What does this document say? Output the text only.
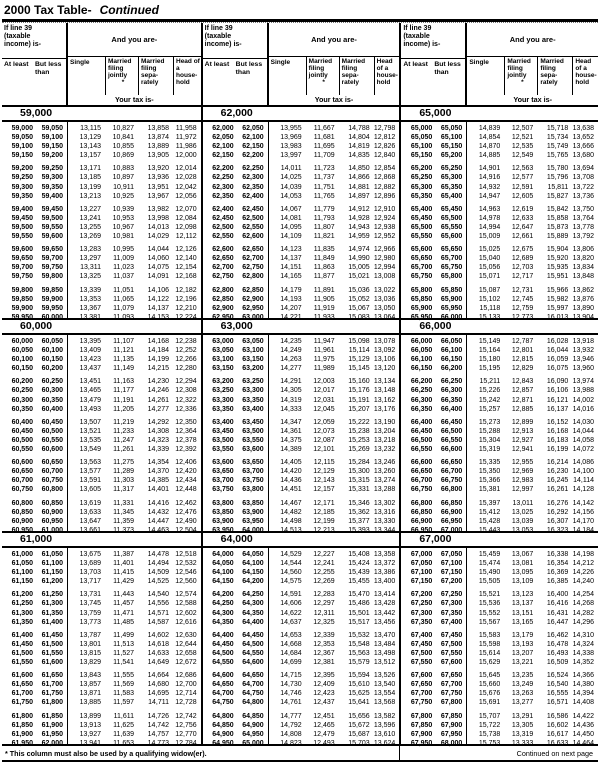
2000 Tax Table- Continued
If line 39 (taxable income) is-
At least But less than
And you are-
Single	Married filing jointly
*
Married filing sepa- rately
Head of a house- hold
Your tax is-
59,000
59,000	59,050	13,115	10,827	13,858 11,958
59,050	59,100	13,129	10,841	13,874 11,972
59,100	59,150	13,143	10,855	13,889 11,986
59,150	59,200	13,157	10,869	13,905 12,000
59,200	59,250	13,171	10,883	13,920 12,014
59,250	59,300	13,185	10,897	13,936 12,028
59,300	59,350	13,199	10,911	13,951 12,042
59,350	59,400	13,213	10,925	13,967 12,056
59,400	59,450	13,227	10,939	13,982 12,070
59,450	59,500	13,241	10,953	13,998 12,084
59,500	59,550	13,255	10,967	14,013 12,098
59,550	59,600	13,269	10,981	14,029 12,112
59,600	59,650	13,283	10,995	14,044 12,126
59,650	59,700	13,297	11,009	14,060 12,140
59,700	59,750	13,311	11,023	14,075 12,154
59,750	59,800	13,325	11,037	14,091 12,168
59,800	59,850	13,339	11,051	14,106 12,182
59,850	59,900	13,353	11,065	14,122 12,196
59,900	59,950	13,367	11,079	14,137 12,210
59,950	60,000	13,381	11,093	14,153 12,224
60,000
60,000	60,050	13,395	11,107	14,168 12,238
60,050	60,100	13,409	11,121	14,184 12,252
60,100	60,150	13,423	11,135	14,199 12,266
60,150	60,200	13,437	11,149	14,215 12,280
60,200	60,250	13,451	11,163	14,230 12,294
60,250	60,300	13,465	11,177	14,246 12,308
60,300	60,350	13,479	11,191	14,261 12,322
60,350	60,400	13,493	11,205	14,277 12,336
60,400	60,450	13,507	11,219	14,292 12,350
60,450	60,500	13,521	11,233	14,308 12,364
60,500	60,550	13,535	11,247	14,323 12,378
60,550	60,600	13,549	11,261	14,339 12,392
60,600	60,650	13,563	11,275	14,354 12,406
60,650	60,700	13,577	11,289	14,370 12,420
60,700	60,750	13,591	11,303	14,385 12,434
60,750	60,800	13,605	11,317	14,401 12,448
60,800	60,850	13,619	11,331	14,416 12,462
60,850	60,900	13,633	11,345	14,432 12,476
60,900	60,950	13,647	11,359	14,447 12,490
60,950	61,000	13,661	11,373	14,463 12,504
61,000
61,000	61,050	13,675	11,387	14,478 12,518
61,050	61,100	13,689	11,401	14,494 12,532
61,100	61,150	13,703	11,415	14,509 12,546
61,150	61,200	13,717	11,429	14,525 12,560
61,200	61,250	13,731	11,443	14,540 12,574
61,250	61,300	13,745	11,457	14,556 12,588
61,300	61,350	13,759	11,471	14,571 12,602
61,350	61,400	13,773	11,485	14,587 12,616
61,400	61,450	13,787	11,499	14,602 12,630
61,450	61,500	13,801	11,513	14,618 12,644
61,500	61,550	13,815	11,527	14,633 12,658
61,550	61,600	13,829	11,541	14,649 12,672
61,600	61,650	13,843	11,555	14,664 12,686
61,650	61,700	13,857	11,569	14,680 12,700
61,700	61,750	13,871	11,583	14,695 12,714
61,750	61,800	13,885	11,597	14,711 12,728
61,800	61,850	13,899	11,611	14,726 12,742
61,850	61,900	13,913	11,625	14,742 12,756
61,900	61,950	13,927	11,639	14,757 12,770
61,950	62,000	13,941	11,653	14,773 12,784
If line 39 (taxable income) is-
At least But less than
And you are-
Single	Married filing jointly
*
Married filing sepa- rately
Head of a house- hold
Your tax is-
62,000
62,000	62,050	13,955	11,667	14,788 12,798
62,050	62,100	13,969	11,681	14,804 12,812
62,100	62,150	13,983	11,695	14,819 12,826
62,150	62,200	13,997	11,709	14,835 12,840
62,200	62,250	14,011	11,723	14,850 12,854
62,250	62,300	14,025	11,737	14,866 12,868
62,300	62,350	14,039	11,751	14,881 12,882
62,350	62,400	14,053	11,765	14,897 12,896
62,400	62,450	14,067	11,779	14,912 12,910
62,450	62,500	14,081	11,793	14,928 12,924
62,500	62,550	14,095	11,807	14,943 12,938
62,550	62,600	14,109	11,821	14,959 12,952
62,600	62,650	14,123	11,835	14,974 12,966
62,650	62,700	14,137	11,849	14,990 12,980
62,700	62,750	14,151	11,863	15,005 12,994
62,750	62,800	14,165	11,877	15,021 13,008
62,800	62,850	14,179	11,891	15,036 13,022
62,850	62,900	14,193	11,905	15,052 13,036
62,900	62,950	14,207	11,919	15,067 13,050
62,950	63,000	14,221	11,933	15,083 13,064
63,000
63,000	63,050	14,235	11,947	15,098 13,078
63,050	63,100	14,249	11,961	15,114 13,092
63,100	63,150	14,263	11,975	15,129 13,106
63,150	63,200	14,277	11,989	15,145 13,120
63,200	63,250	14,291	12,003	15,160 13,134
63,250	63,300	14,305	12,017	15,176 13,148
63,300	63,350	14,319	12,031	15,191 13,162
63,350	63,400	14,333	12,045	15,207 13,176
63,400	63,450	14,347	12,059	15,222 13,190
63,450	63,500	14,361	12,073	15,238 13,204
63,500	63,550	14,375	12,087	15,253 13,218
63,550	63,600	14,389	12,101	15,269 13,232
63,600	63,650	14,405	12,115	15,284 13,246
63,650	63,700	14,420	12,129	15,300 13,260
63,700	63,750	14,436	12,143	15,315 13,274
63,750	63,800	14,451	12,157	15,331 13,288
63,800	63,850	14,467	12,171	15,346 13,302
63,850	63,900	14,482	12,185	15,362 13,316
63,900	63,950	14,498	12,199	15,377 13,330
63,950	64,000	14,513	12,213	15,393 13,344
64,000
64,000	64,050	14,529	12,227	15,408 13,358
64,050	64,100	14,544	12,241	15,424 13,372
64,100	64,150	14,560	12,255	15,439 13,386
64,150	64,200	14,575	12,269	15,455 13,400
64,200	64,250	14,591	12,283	15,470 13,414
64,250	64,300	14,606	12,297	15,486 13,428
64,300	64,350	14,622	12,311	15,501 13,442
64,350	64,400	14,637	12,325	15,517 13,456
64,400	64,450	14,653	12,339	15,532 13,470
64,450	64,500	14,668	12,353	15,548 13,484
64,500	64,550	14,684	12,367	15,563 13,498
64,550	64,600	14,699	12,381	15,579 13,512
64,600	64,650	14,715	12,395	15,594 13,526
64,650	64,700	14,730	12,409	15,610 13,540
64,700	64,750	14,746	12,423	15,625 13,554
64,750	64,800	14,761	12,437	15,641 13,568
64,800	64,850	14,777	12,451	15,656 13,582
64,850	64,900	14,792	12,465	15,672 13,596
64,900	64,950	14,808	12,479	15,687 13,610
64,950	65,000	14,823	12,493	15,703 13,624
If line 39 (taxable income) is-
At least But less than
And you are-
Single	Married filing jointly
*
Married filing sepa- rately
Head of a house- hold
Your tax is-
65,000
65,000	65,050	14,839	12,507	15,718 13,638
65,050	65,100	14,854	12,521	15,734 13,652
65,100	65,150	14,870	12,535	15,749 13,666
65,150	65,200	14,885	12,549	15,765 13,680
65,200	65,250	14,901	12,563	15,780 13,694
65,250	65,300	14,916	12,577	15,796 13,708
65,300	65,350	14,932	12,591	15,811 13,722
65,350	65,400	14,947	12,605	15,827 13,736
65,400	65,450	14,963	12,619	15,842 13,750
65,450	65,500	14,978	12,633	15,858 13,764
65,500	65,550	14,994	12,647	15,873 13,778
65,550	65,600	15,009	12,661	15,889 13,792
65,600	65,650	15,025	12,675	15,904 13,806
65,650	65,700	15,040	12,689	15,920 13,820
65,700	65,750	15,056	12,703	15,935 13,834
65,750	65,800	15,071	12,717	15,951 13,848
65,800	65,850	15,087	12,731	15,966 13,862
65,850	65,900	15,102	12,745	15,982 13,876
65,900	65,950	15,118	12,759	15,997 13,890
65,950	66,000	15,133	12,773	16,013 13,904
66,000
66,000	66,050	15,149	12,787	16,028 13,918
66,050	66,100	15,164	12,801	16,044 13,932
66,100	66,150	15,180	12,815	16,059 13,946
66,150	66,200	15,195	12,829	16,075 13,960
66,200	66,250	15,211	12,843	16,090 13,974
66,250	66,300	15,226	12,857	16,106 13,988
66,300	66,350	15,242	12,871	16,121 14,002
66,350	66,400	15,257	12,885	16,137 14,016
66,400	66,450	15,273	12,899	16,152 14,030
66,450	66,500	15,288	12,913	16,168 14,044
66,500	66,550	15,304	12,927	16,183 14,058
66,550	66,600	15,319	12,941	16,199 14,072
66,600	66,650	15,335	12,955	16,214 14,086
66,650	66,700	15,350	12,969	16,230 14,100
66,700	66,750	15,366	12,983	16,245 14,114
66,750	66,800	15,381	12,997	16,261 14,128
66,800	66,850	15,397	13,011	16,276 14,142
66,850	66,900	15,412	13,025	16,292 14,156
66,900	66,950	15,428	13,039	16,307 14,170
66,950	67,000	15,443	13,053	16,323 14,184
67,000
67,000	67,050	15,459	13,067	16,338 14,198
67,050	67,100	15,474	13,081	16,354 14,212
67,100	67,150	15,490	13,095	16,369 14,226
67,150	67,200	15,505	13,109	16,385 14,240
67,200	67,250	15,521	13,123	16,400 14,254
67,250	67,300	15,536	13,137	16,416 14,268
67,300	67,350	15,552	13,151	16,431 14,282
67,350	67,400	15,567	13,165	16,447 14,296
67,400	67,450	15,583	13,179	16,462 14,310
67,450	67,500	15,598	13,193	16,478 14,324
67,500	67,550	15,614	13,207	16,493 14,338
67,550	67,600	15,629	13,221	16,509 14,352
67,600	67,650	15,645	13,235	16,524 14,366
67,650	67,700	15,660	13,249	16,540 14,380
67,700	67,750	15,676	13,263	16,555 14,394
67,750	67,800	15,691	13,277	16,571 14,408
67,800	67,850	15,707	13,291	16,586 14,422
67,850	67,900	15,722	13,305	16,602 14,436
67,900	67,950	15,738	13,319	16,617 14,450
67,950	68,000	15,753	13,333	16,633 14,464
* This column must also be used by a qualifying widow(er).	Continued on next page
